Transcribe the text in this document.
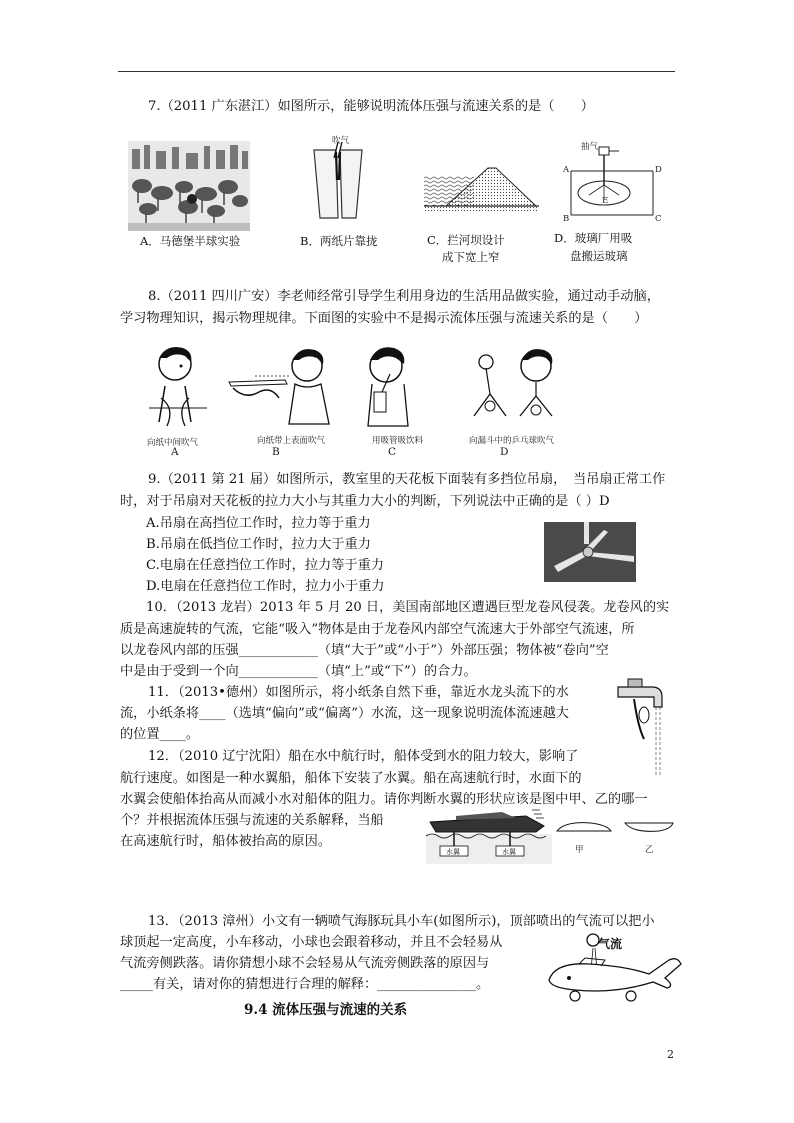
7.（2011 广东湛江）如图所示，能够说明流体压强与流速关系的是（　　）
A．马德堡半球实验
吹气
B．两纸片靠拢	C．拦河坝设计
成下宽上窄
抽气
A	D
B	C
E
D．玻璃厂用吸
盘搬运玻璃
8.（2011 四川广安）李老师经常引导学生利用身边的生活用品做实验，通过动手动脑，
学习物理知识，揭示物理规律。下面图的实验中不是揭示流体压强与流速关系的是（　　）
向纸中间吹气
A
向纸带上表面吹气
B
用吸管吸饮料
C
向漏斗中的乒乓球吹气
D
9.（2011 第 21 届）如图所示，教室里的天花板下面装有多挡位吊扇，　当吊扇正常工作
时，对于吊扇对天花板的拉力大小与其重力大小的判断，下列说法中正确的是（ ）D
A.吊扇在高挡位工作时，拉力等于重力
B.吊扇在低挡位工作时，拉力大于重力
C.电扇在任意挡位工作时，拉力等于重力
D.电扇在任意挡位工作时，拉力小于重力
10．（2013 龙岩）2013 年 5 月 20 日，美国南部地区遭遇巨型龙卷风侵袭。龙卷风的实
质是高速旋转的气流，它能“吸入”物体是由于龙卷风内部空气流速大于外部空气流速，所
以龙卷风内部的压强____________（填“大于”或“小于”）外部压强；物体被“卷向”空
中是由于受到一个向____________（填“上”或“下”）的合力。
11．（2013•德州）如图所示，将小纸条自然下垂，靠近水龙头流下的水
流，小纸条将____（选填“偏向”或“偏离”）水流，这一现象说明流体流速越大
的位置____。
12．（2010 辽宁沈阳）船在水中航行时，船体受到水的阻力较大，影响了
航行速度。如图是一种水翼船，船体下安装了水翼。船在高速航行时，水面下的
水翼会使船体抬高从而减小水对船体的阻力。请你判断水翼的形状应该是图中甲、乙的哪一
个？并根据流体压强与流速的关系解释，当船
在高速航行时，船体被抬高的原因。
水翼	水翼	甲	乙
13．（2013 漳州）小文有一辆喷气海豚玩具小车(如图所示)，顶部喷出的气流可以把小
球顶起一定高度，小车移动，小球也会跟着移动，并且不会轻易从
气流旁侧跌落。请你猜想小球不会轻易从气流旁侧跌落的原因与
_____有关，请对你的猜想进行合理的解释：_______________。
气流
9.4 流体压强与流速的关系
2
